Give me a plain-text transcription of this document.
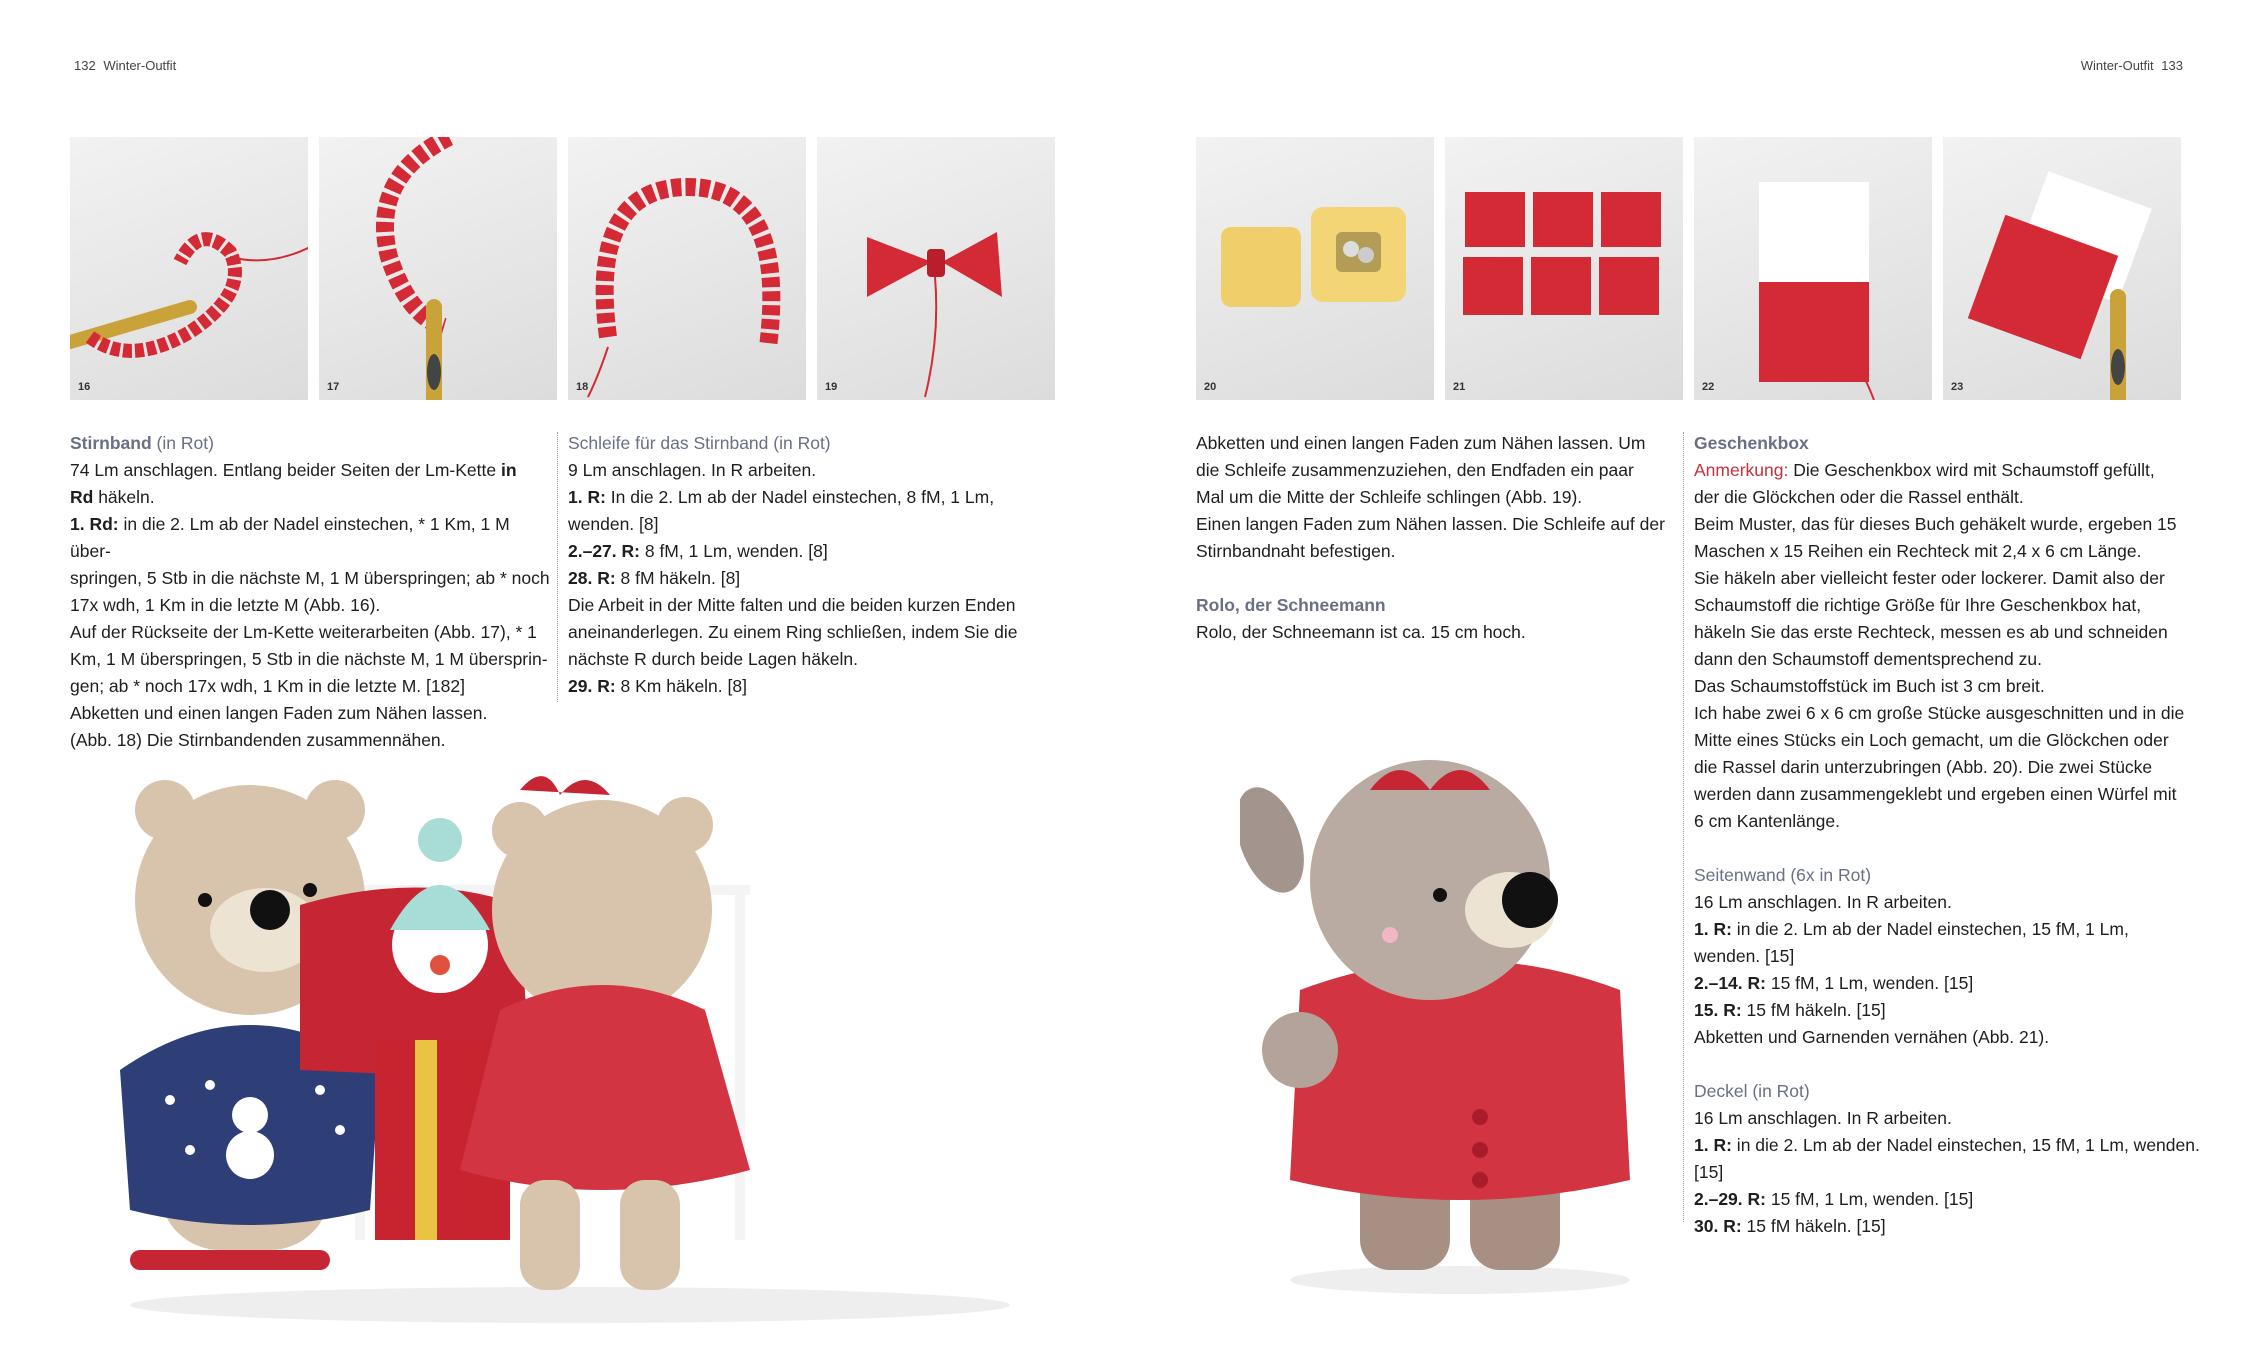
132 Winter-Outfit	Winter-Outfit 133
16	17	18	19	20	21	22	23

Stirnband (in Rot)

74 Lm anschlagen. Entlang beider Seiten der Lm-Kette in

Rd häkeln.

1. Rd: in die 2. Lm ab der Nadel einstechen, * 1 Km, 1 M über-

springen, 5 Stb in die nächste M, 1 M überspringen; ab * noch

17x wdh, 1 Km in die letzte M (Abb. 16).

Auf der Rückseite der Lm-Kette weiterarbeiten (Abb. 17), * 1

Km, 1 M überspringen, 5 Stb in die nächste M, 1 M übersprin-

gen; ab * noch 17x wdh, 1 Km in die letzte M. [182]

Abketten und einen langen Faden zum Nähen lassen.

(Abb. 18) Die Stirnbandenden zusammennähen.

Schleife für das Stirnband (in Rot)

9 Lm anschlagen. In R arbeiten.

1. R: In die 2. Lm ab der Nadel einstechen, 8 fM, 1 Lm,

wenden. [8]

2.–27. R: 8 fM, 1 Lm, wenden. [8]

28. R: 8 fM häkeln. [8]

Die Arbeit in der Mitte falten und die beiden kurzen Enden

aneinanderlegen. Zu einem Ring schließen, indem Sie die

nächste R durch beide Lagen häkeln.

29. R: 8 Km häkeln. [8]

Abketten und einen langen Faden zum Nähen lassen. Um

die Schleife zusammenzuziehen, den Endfaden ein paar

Mal um die Mitte der Schleife schlingen (Abb. 19).

Einen langen Faden zum Nähen lassen. Die Schleife auf der

Stirnbandnaht befestigen.

Rolo, der Schneemann

Rolo, der Schneemann ist ca. 15 cm hoch.

Geschenkbox

Anmerkung: Die Geschenkbox wird mit Schaumstoff gefüllt,

der die Glöckchen oder die Rassel enthält.

Beim Muster, das für dieses Buch gehäkelt wurde, ergeben 15

Maschen x 15 Reihen ein Rechteck mit 2,4 x 6 cm Länge.

Sie häkeln aber vielleicht fester oder lockerer. Damit also der

Schaumstoff die richtige Größe für Ihre Geschenkbox hat,

häkeln Sie das erste Rechteck, messen es ab und schneiden

dann den Schaumstoff dementsprechend zu.

Das Schaumstoffstück im Buch ist 3 cm breit.

Ich habe zwei 6 x 6 cm große Stücke ausgeschnitten und in die

Mitte eines Stücks ein Loch gemacht, um die Glöckchen oder

die Rassel darin unterzubringen (Abb. 20). Die zwei Stücke

werden dann zusammengeklebt und ergeben einen Würfel mit

6 cm Kantenlänge.

Seitenwand (6x in Rot)

16 Lm anschlagen. In R arbeiten.

1. R: in die 2. Lm ab der Nadel einstechen, 15 fM, 1 Lm,

wenden. [15]

2.–14. R: 15 fM, 1 Lm, wenden. [15]

15. R: 15 fM häkeln. [15]

Abketten und Garnenden vernähen (Abb. 21).

Deckel (in Rot)

16 Lm anschlagen. In R arbeiten.

1. R: in die 2. Lm ab der Nadel einstechen, 15 fM, 1 Lm, wenden. [15]

2.–29. R: 15 fM, 1 Lm, wenden. [15]

30. R: 15 fM häkeln. [15]
